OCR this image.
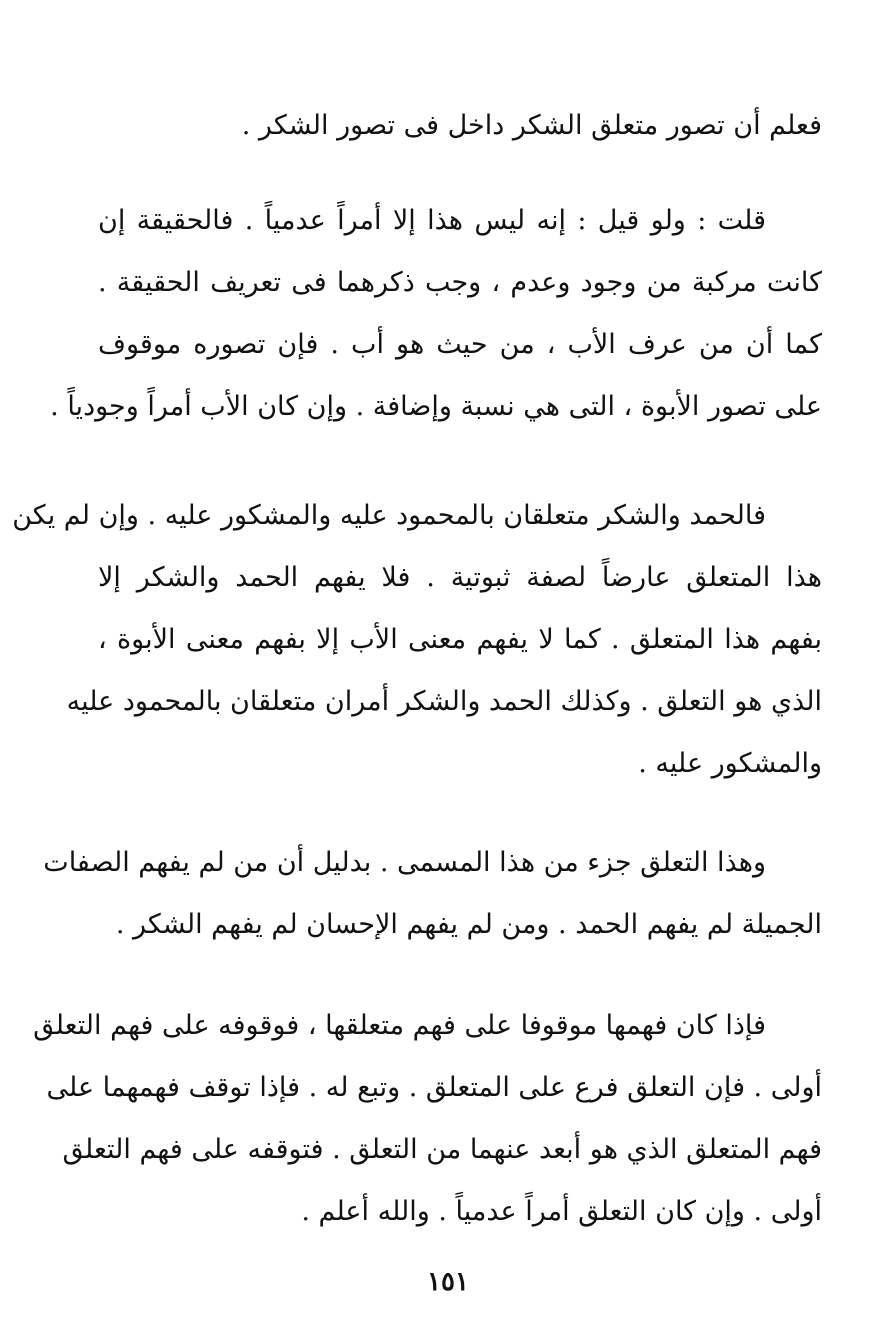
فعلم أن تصور متعلق الشكر داخل فى تصور الشكر .
قلت : ولو قيل : إنه ليس هذا إلا أمراً عدمياً . فالحقيقة إن
كانت مركبة من وجود وعدم ، وجب ذكرهما فى تعريف الحقيقة .
كما أن من عرف الأب ، من حيث هو أب . فإن تصوره موقوف
على تصور الأبوة ، التى هي نسبة وإضافة . وإن كان الأب أمراً وجودياً .
فالحمد والشكر متعلقان بالمحمود عليه والمشكور عليه . وإن لم يكن
هذا المتعلق عارضاً لصفة ثبوتية . فلا يفهم الحمد والشكر إلا
بفهم هذا المتعلق . كما لا يفهم معنى الأب إلا بفهم معنى الأبوة ،
الذي هو التعلق . وكذلك الحمد والشكر أمران متعلقان بالمحمود عليه
والمشكور عليه .
وهذا التعلق جزء من هذا المسمى . بدليل أن من لم يفهم الصفات
الجميلة لم يفهم الحمد . ومن لم يفهم الإحسان لم يفهم الشكر .
فإذا كان فهمها موقوفا على فهم متعلقها ، فوقوفه على فهم التعلق
أولى . فإن التعلق فرع على المتعلق . وتبع له . فإذا توقف فهمهما على
فهم المتعلق الذي هو أبعد عنهما من التعلق . فتوقفه على فهم التعلق
أولى . وإن كان التعلق أمراً عدمياً . والله أعلم .
١٥١
